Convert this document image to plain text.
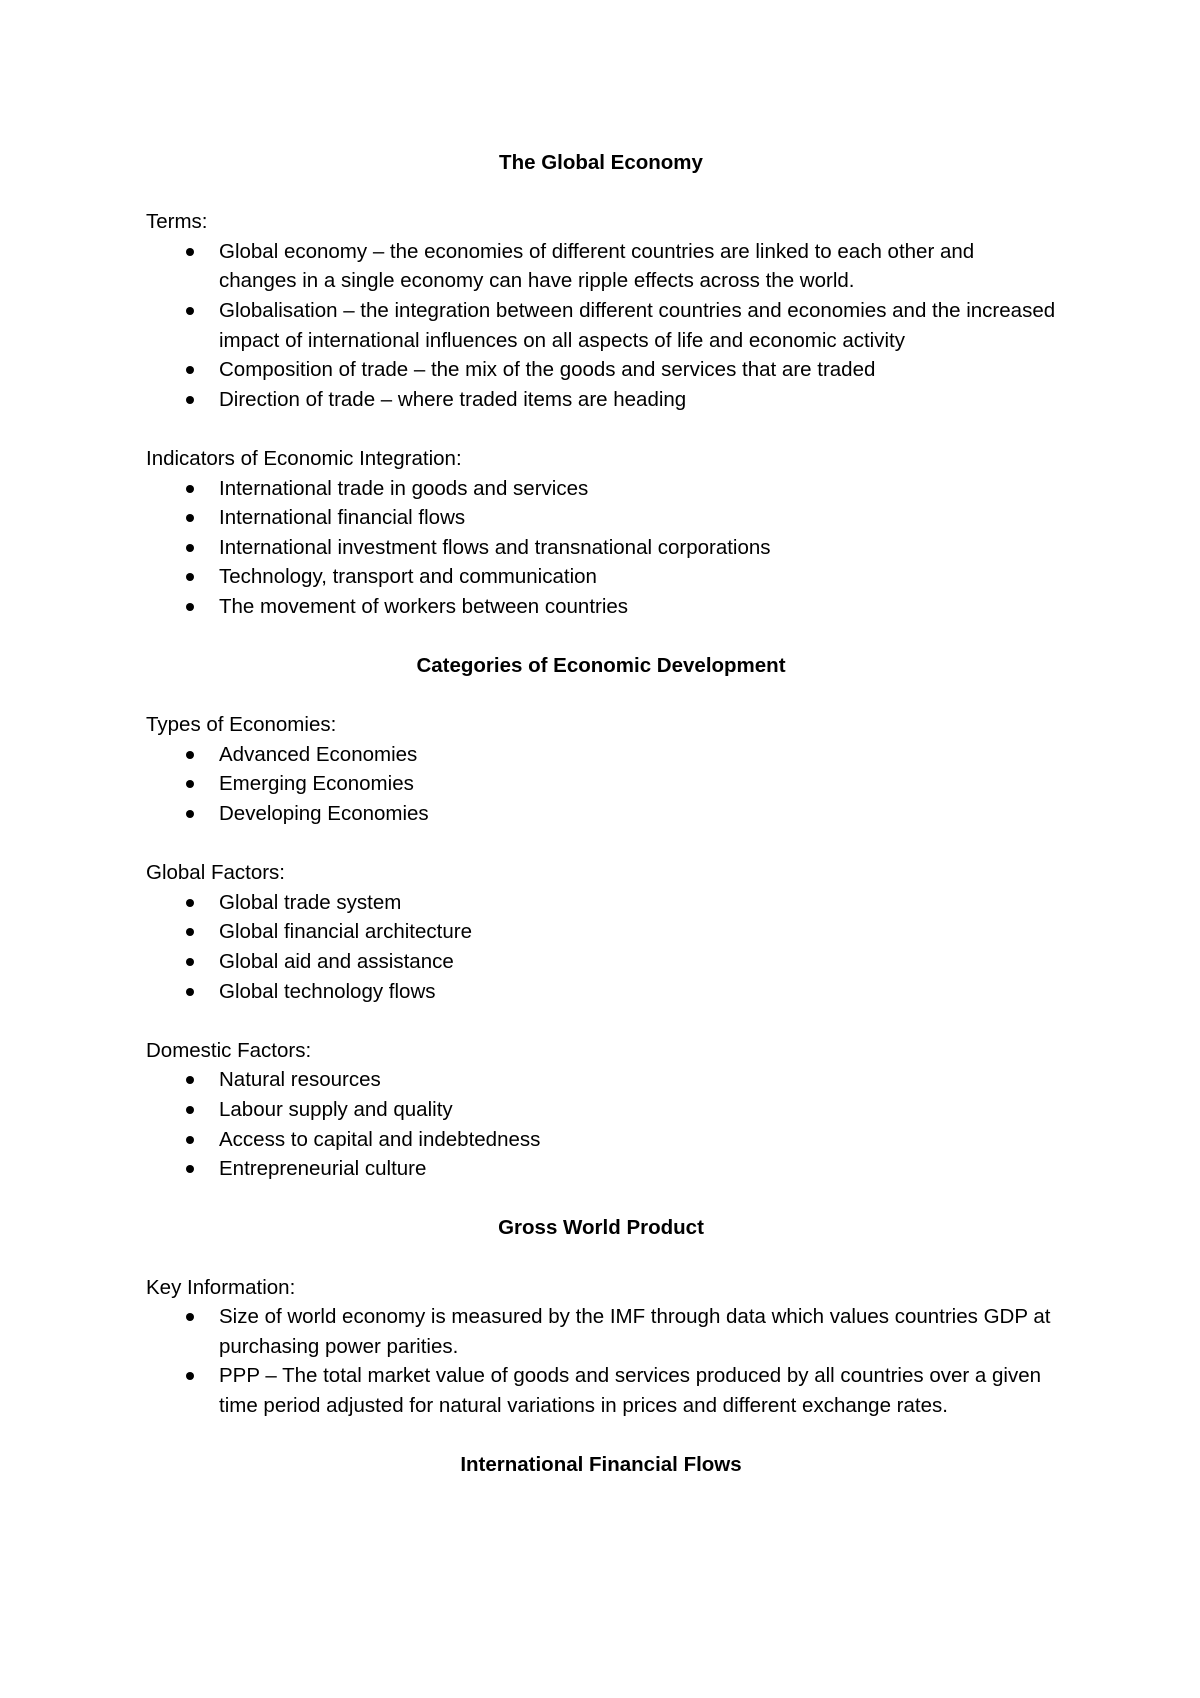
The Global Economy

Terms:

Global economy – the economies of different countries are linked to each other and changes in a single economy can have ripple effects across the world.
Globalisation – the integration between different countries and economies and the increased impact of international influences on all aspects of life and economic activity
Composition of trade – the mix of the goods and services that are traded
Direction of trade – where traded items are heading

Indicators of Economic Integration:

International trade in goods and services
International financial flows
International investment flows and transnational corporations
Technology, transport and communication
The movement of workers between countries

Categories of Economic Development

Types of Economies:

Advanced Economies
Emerging Economies
Developing Economies

Global Factors:

Global trade system
Global financial architecture
Global aid and assistance
Global technology flows

Domestic Factors:

Natural resources
Labour supply and quality
Access to capital and indebtedness
Entrepreneurial culture

Gross World Product

Key Information:

Size of world economy is measured by the IMF through data which values countries GDP at purchasing power parities.
PPP – The total market value of goods and services produced by all countries over a given time period adjusted for natural variations in prices and different exchange rates.

International Financial Flows
